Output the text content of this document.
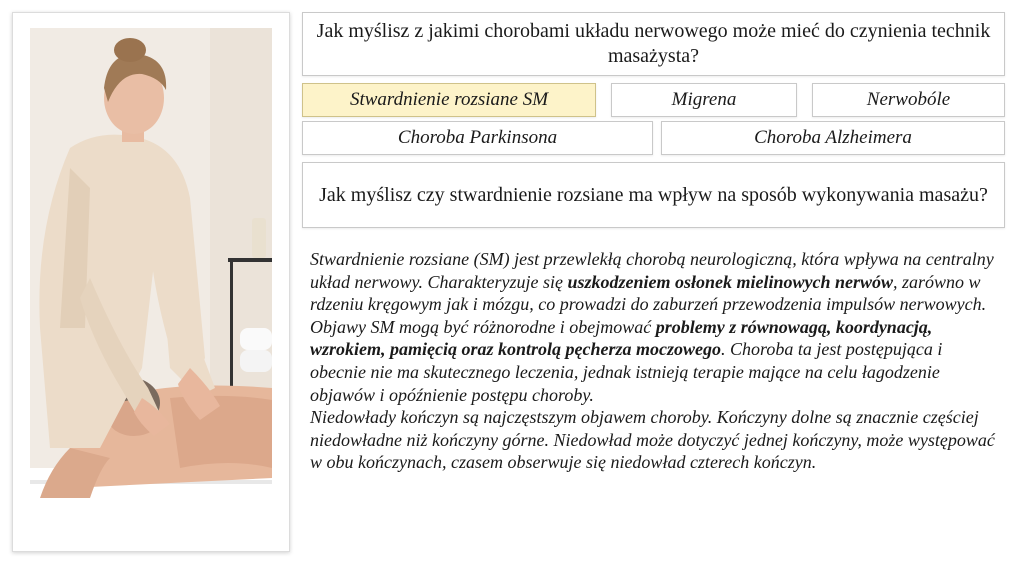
Jak myślisz z jakimi chorobami układu nerwowego może mieć do czynienia technik masażysta?
Stwardnienie rozsiane SM	Migrena	Nerwobóle
Choroba Parkinsona	Choroba Alzheimera
Jak myślisz czy stwardnienie rozsiane ma wpływ na sposób wykonywania masażu?

Stwardnienie rozsiane (SM) jest przewlekłą chorobą neurologiczną, która wpływa na centralny układ nerwowy. Charakteryzuje się uszkodzeniem osłonek mielinowych nerwów, zarówno w rdzeniu kręgowym jak i mózgu, co prowadzi do zaburzeń przewodzenia impulsów nerwowych. Objawy SM mogą być różnorodne i obejmować problemy z równowagą, koordynacją, wzrokiem, pamięcią oraz kontrolą pęcherza moczowego. Choroba ta jest postępująca i obecnie nie ma skutecznego leczenia, jednak istnieją terapie mające na celu łagodzenie objawów i opóźnienie postępu choroby.

Niedowłady kończyn są najczęstszym objawem choroby. Kończyny dolne są znacznie częściej niedowładne niż kończyny górne. Niedowład może dotyczyć jednej kończyny, może występować w obu kończynach, czasem obserwuje się niedowład czterech kończyn.
